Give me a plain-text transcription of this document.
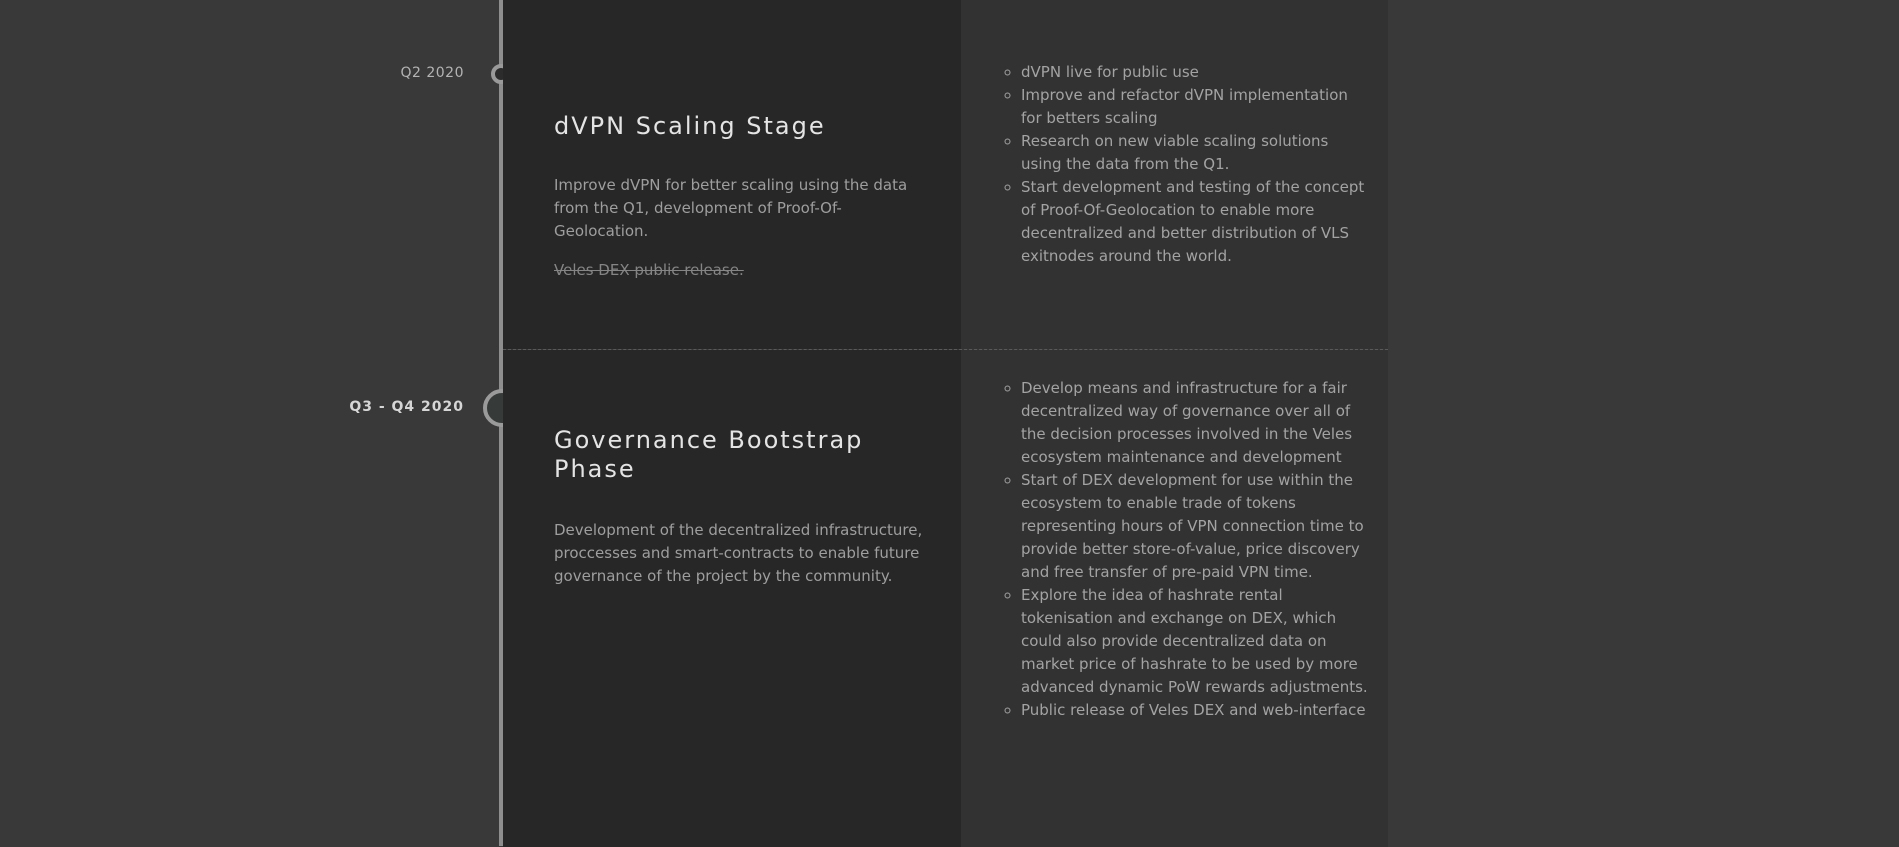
Q2 2020
Q3 - Q4 2020
dVPN Scaling Stage

Improve dVPN for better scaling using the data from the Q1, development of Proof-Of-Geolocation.

Veles DEX public release.

◦ dVPN live for public use
◦ Improve and refactor dVPN implementation for betters scaling
◦ Research on new viable scaling solutions using the data from the Q1.
◦ Start development and testing of the concept of Proof-Of-Geolocation to enable more decentralized and better distribution of VLS exitnodes around the world.
Governance Bootstrap Phase

Development of the decentralized infrastructure, proccesses and smart-contracts to enable future governance of the project by the community.

◦ Develop means and infrastructure for a fair decentralized way of governance over all of the decision processes involved in the Veles ecosystem maintenance and development
◦ Start of DEX development for use within the ecosystem to enable trade of tokens representing hours of VPN connection time to provide better store-of-value, price discovery and free transfer of pre-paid VPN time.
◦ Explore the idea of hashrate rental tokenisation and exchange on DEX, which could also provide decentralized data on market price of hashrate to be used by more advanced dynamic PoW rewards adjustments.
◦ Public release of Veles DEX and web-interface
